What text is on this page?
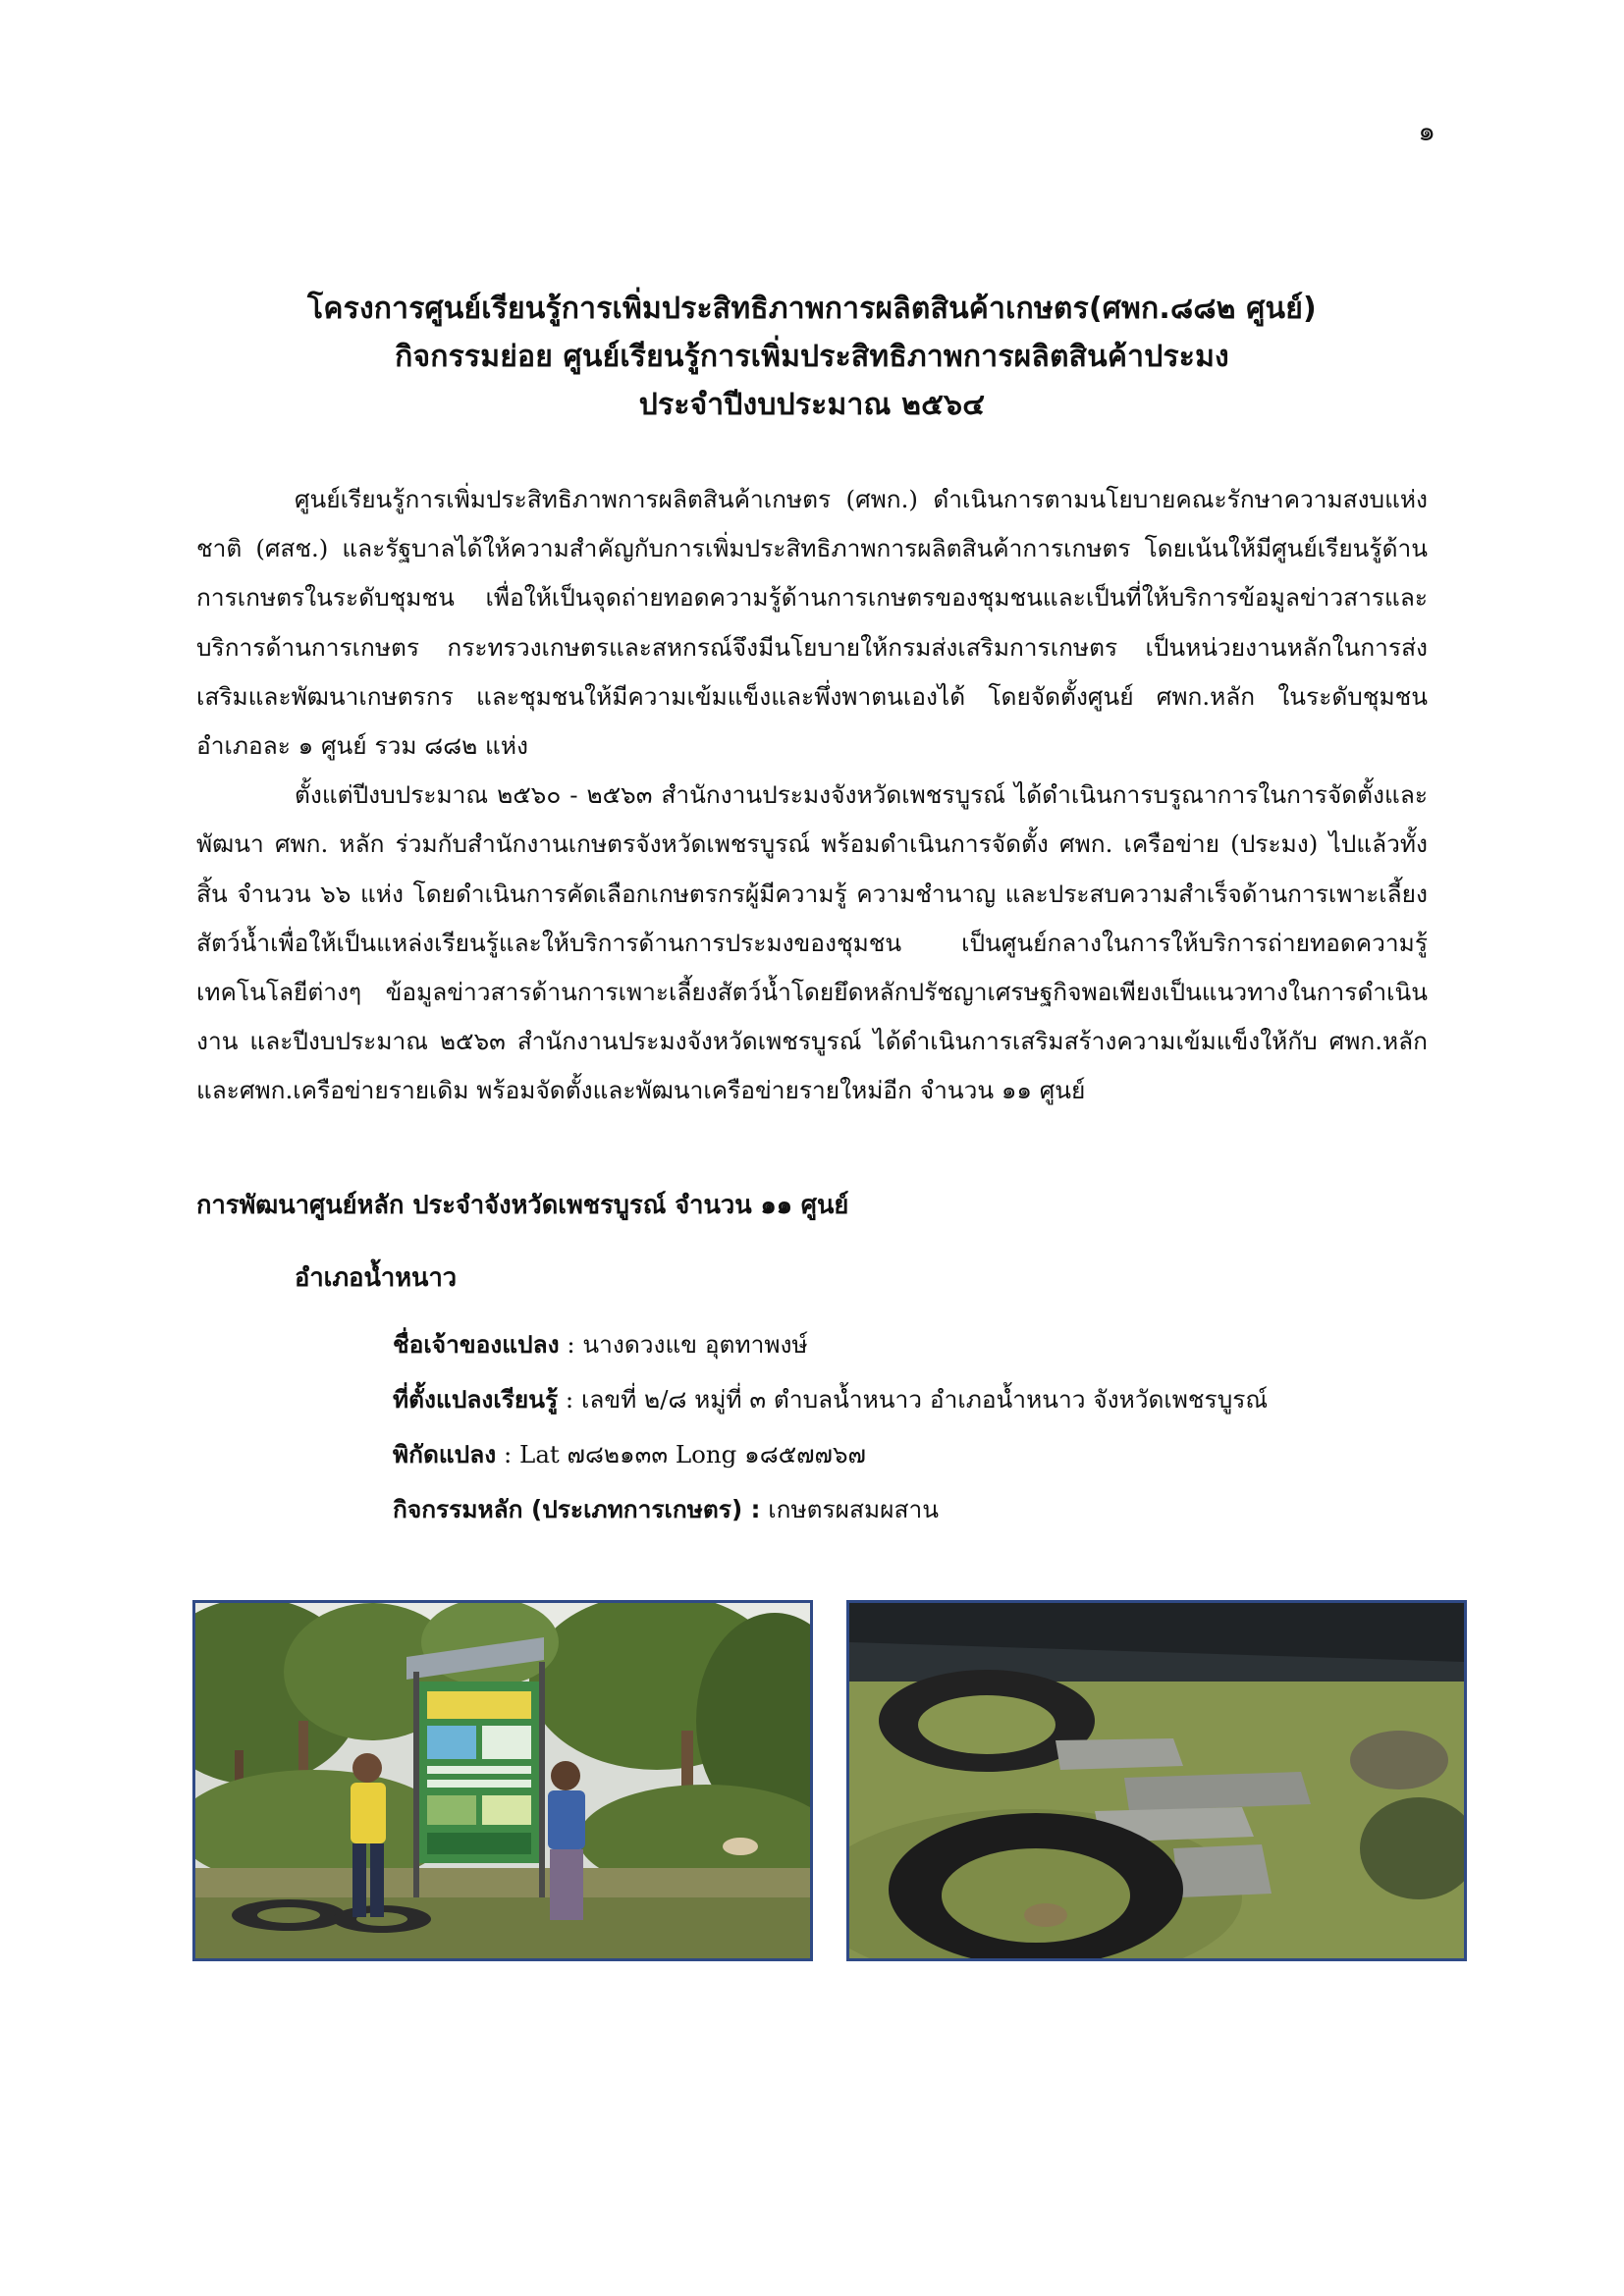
๑

โครงการศูนย์เรียนรู้การเพิ่มประสิทธิภาพการผลิตสินค้าเกษตร(ศพก.๘๘๒ ศูนย์)

กิจกรรมย่อย ศูนย์เรียนรู้การเพิ่มประสิทธิภาพการผลิตสินค้าประมง

ประจำปีงบประมาณ ๒๕๖๔

ศูนย์เรียนรู้การเพิ่มประสิทธิภาพการผลิตสินค้าเกษตร (ศพก.) ดำเนินการตามนโยบายคณะรักษาความสงบแห่งชาติ (ศสช.) และรัฐบาลได้ให้ความสำคัญกับการเพิ่มประสิทธิภาพการผลิตสินค้าการเกษตร โดยเน้นให้มีศูนย์เรียนรู้ด้านการเกษตรในระดับชุมชน เพื่อให้เป็นจุดถ่ายทอดความรู้ด้านการเกษตรของชุมชนและเป็นที่ให้บริการข้อมูลข่าวสารและบริการด้านการเกษตร กระทรวงเกษตรและสหกรณ์จึงมีนโยบายให้กรมส่งเสริมการเกษตร เป็นหน่วยงานหลักในการส่งเสริมและพัฒนาเกษตรกร และชุมชนให้มีความเข้มแข็งและพึ่งพาตนเองได้ โดยจัดตั้งศูนย์ ศพก.หลัก ในระดับชุมชน อำเภอละ ๑ ศูนย์ รวม ๘๘๒ แห่ง

ตั้งแต่ปีงบประมาณ ๒๕๖๐ - ๒๕๖๓ สำนักงานประมงจังหวัดเพชรบูรณ์ ได้ดำเนินการบรูณาการในการจัดตั้งและพัฒนา ศพก. หลัก ร่วมกับสำนักงานเกษตรจังหวัดเพชรบูรณ์ พร้อมดำเนินการจัดตั้ง ศพก. เครือข่าย (ประมง) ไปแล้วทั้งสิ้น จำนวน ๖๖ แห่ง โดยดำเนินการคัดเลือกเกษตรกรผู้มีความรู้ ความชำนาญ และประสบความสำเร็จด้านการเพาะเลี้ยงสัตว์น้ำเพื่อให้เป็นแหล่งเรียนรู้และให้บริการด้านการประมงของชุมชน เป็นศูนย์กลางในการให้บริการถ่ายทอดความรู้เทคโนโลยีต่างๆ ข้อมูลข่าวสารด้านการเพาะเลี้ยงสัตว์น้ำโดยยึดหลักปรัชญาเศรษฐกิจพอเพียงเป็นแนวทางในการดำเนินงาน และปีงบประมาณ ๒๕๖๓ สำนักงานประมงจังหวัดเพชรบูรณ์ ได้ดำเนินการเสริมสร้างความเข้มแข็งให้กับ ศพก.หลัก และศพก.เครือข่ายรายเดิม พร้อมจัดตั้งและพัฒนาเครือข่ายรายใหม่อีก จำนวน ๑๑ ศูนย์

การพัฒนาศูนย์หลัก ประจำจังหวัดเพชรบูรณ์ จำนวน ๑๑ ศูนย์

อำเภอน้ำหนาว

ชื่อเจ้าของแปลง : นางดวงแข อุตทาพงษ์

ที่ตั้งแปลงเรียนรู้ : เลขที่ ๒/๘ หมู่ที่ ๓ ตำบลน้ำหนาว อำเภอน้ำหนาว จังหวัดเพชรบูรณ์

พิกัดแปลง : Lat ๗๘๒๑๓๓ Long ๑๘๕๗๗๖๗

กิจกรรมหลัก (ประเภทการเกษตร) : เกษตรผสมผสาน
